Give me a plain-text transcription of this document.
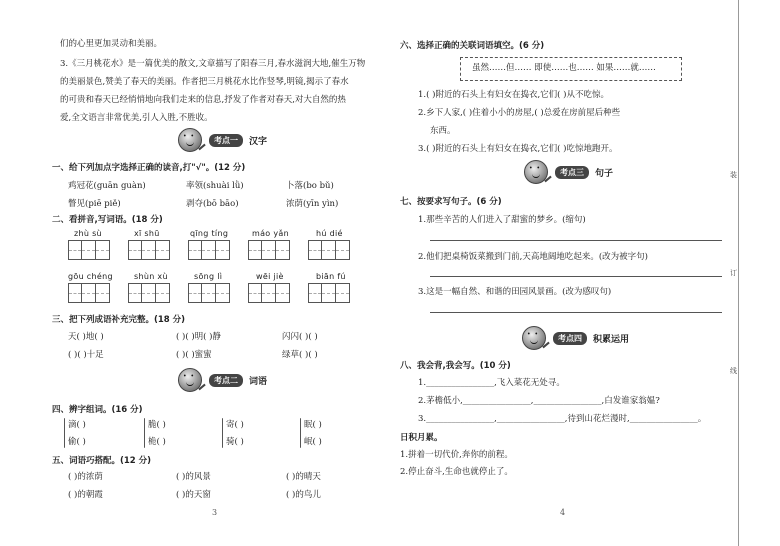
们的心里更加灵动和美丽。
3.《三月桃花水》是一篇优美的散文,文章描写了阳春三月,春水滋润大地,催生万物
的美丽景色,赞美了春天的美丽。作者把三月桃花水比作竖琴,明镜,揭示了春水
的可贵和春天已经悄悄地向我们走来的信息,抒发了作者对春天,对大自然的热
爱,全文语言非常优美,引人入胜,不胜收。
• •
考点一	汉字
一、给下列加点字选择正确的读音,打"√"。(12 分)
鸡冠花(guān guàn)	率领(shuài lǜ)	卜落(bo bǔ)
瞥见(piē piě)	剥夺(bō bāo)	浓荫(yīn yìn)
二、看拼音,写词语。(18 分)
zhù sù	xī shū	qīng tíng	máo yǎn	hú dié
gōu chéng	shùn xù	sōng lì	wēi jiè	biān fú
三、把下列成语补充完整。(18 分)
天( )地( )	( )( )明( )静	闪闪( )( )
( )( )十足	( )( )蜜蜜	绿草( )( )
• •
考点二	词语
四、辨字组词。(16 分)
滴( )	脆( )	寄( )	眠( )
偷( )	桅( )	骑( )	岷( )
五、词语巧搭配。(12 分)
( )的浓荫	( )的风景	( )的晴天
( )的朝霞	( )的天窗	( )的鸟儿
3
六、选择正确的关联词语填空。(6 分)
虽然……但…… 即使……也…… 如果……就……
1.( )附近的石头上有妇女在捣衣,它们( )从不吃惊。
2.乡下人家,( )住着小小的房屋,( )总爱在房前屋后种些
东西。
3.( )附近的石头上有妇女在捣衣,它们( )吃惊地跑开。
• •
考点三	句子
七、按要求写句子。(6 分)
1.那些辛苦的人们进入了甜蜜的梦乡。(缩句)
2.他们把桌椅饭菜搬到门前,天高地阔地吃起来。(改为被字句)
3.这是一幅自然、和谐的田园风景画。(改为感叹句)
• •
考点四	积累运用
八、我会背,我会写。(10 分)
1.________________,飞入菜花无处寻。
2.茅檐低小,________________,________________,白发谁家翁媪?
3.________________,________________,待到山花烂漫时,________________。
日积月累。
1.拼着一切代价,奔你的前程。
2.停止奋斗,生命也就停止了。
4
装
订
线
